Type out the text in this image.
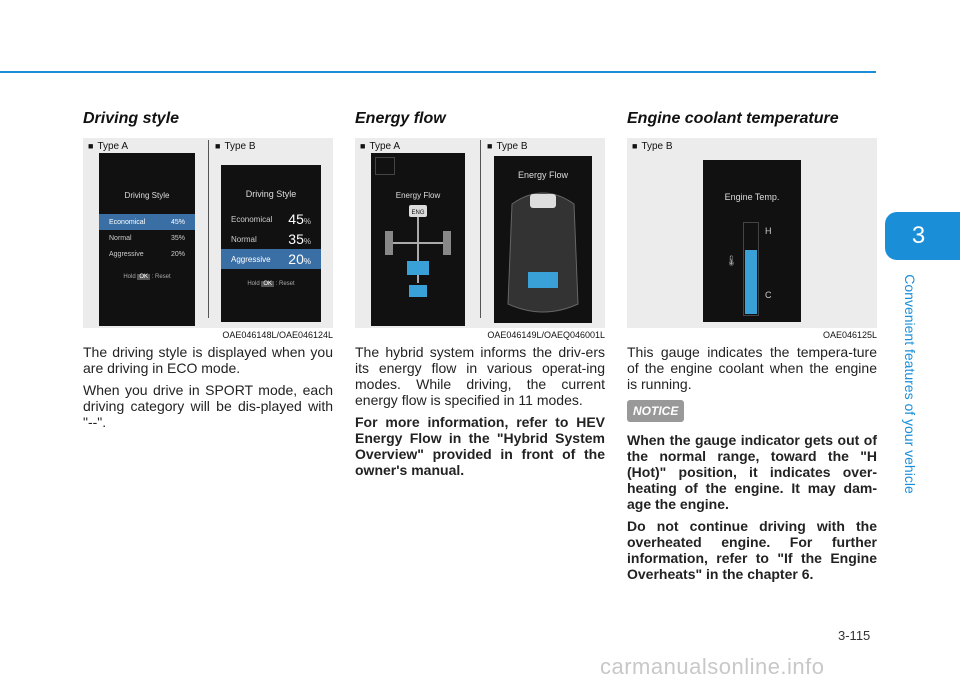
3
Convenient features of your vehicle
Driving style
Driving Style
Economical	45%
Normal	35%
Aggressive	20%
Hold OK : Reset
Driving Style
Economical 45%
Normal 35%
Aggressive 20%
Hold OK : Reset
OAE046148L/OAE046124L

The driving style is displayed when you are driving in ECO mode.

When you drive in SPORT mode, each driving category will be dis-played with "--".

■ Type A	■ Type B
Energy flow
Energy Flow
ENG
Energy Flow
OAE046149L/OAEQ046001L

The hybrid system informs the driv-ers its energy flow in various operat-ing modes. While driving, the current energy flow is specified in 11 modes.

For more information, refer to HEV Energy Flow in the "Hybrid System Overview" provided in front of the owner's manual.

■ Type A	■ Type B
Engine coolant temperature
Engine Temp.
H
C
🌡
OAE046125L

This gauge indicates the tempera-ture of the engine coolant when the engine is running.

NOTICE

When the gauge indicator gets out of the normal range, toward the "H (Hot)" position, it indicates over-heating of the engine. It may dam-age the engine.

Do not continue driving with the overheated engine. For further information, refer to "If the Engine Overheats" in the chapter 6.

■ Type B
3-115
carmanualsonline.info
